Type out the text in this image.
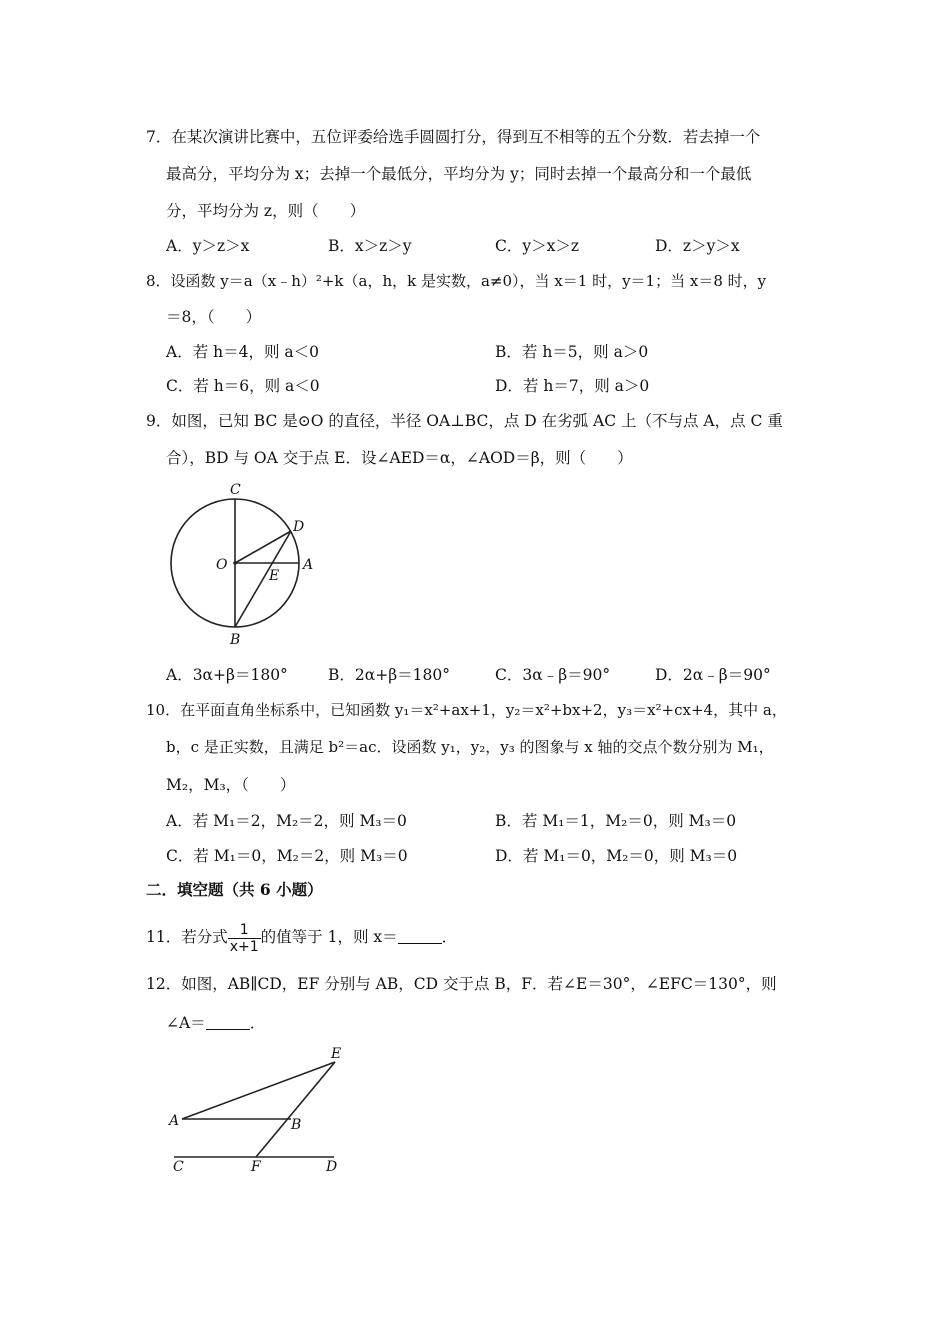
7．在某次演讲比赛中，五位评委给选手圆圆打分，得到互不相等的五个分数．若去掉一个
最高分，平均分为 x；去掉一个最低分，平均分为 y；同时去掉一个最高分和一个最低
分，平均分为 z，则（　　）
A．y＞z＞x	B．x＞z＞y	C．y＞x＞z	D．z＞y＞x
8．设函数 y＝a（x﹣h）²+k（a，h，k 是实数，a≠0），当 x＝1 时，y＝1；当 x＝8 时，y
＝8，（　　）
A．若 h＝4，则 a＜0	B．若 h＝5，则 a＞0
C．若 h＝6，则 a＜0	D．若 h＝7，则 a＞0
9．如图，已知 BC 是⊙O 的直径，半径 OA⊥BC，点 D 在劣弧 AC 上（不与点 A，点 C 重
合），BD 与 OA 交于点 E．设∠AED＝α，∠AOD＝β，则（　　）
C
D
O	A
E
B
A．3α+β＝180°	B．2α+β＝180°	C．3α﹣β＝90°	D．2α﹣β＝90°
10．在平面直角坐标系中，已知函数 y₁＝x²+ax+1，y₂＝x²+bx+2，y₃＝x²+cx+4，其中 a，
b，c 是正实数，且满足 b²＝ac．设函数 y₁，y₂，y₃ 的图象与 x 轴的交点个数分别为 M₁，
M₂，M₃，（　　）
A．若 M₁＝2，M₂＝2，则 M₃＝0	B．若 M₁＝1，M₂＝0，则 M₃＝0
C．若 M₁＝0，M₂＝2，则 M₃＝0	D．若 M₁＝0，M₂＝0，则 M₃＝0
二．填空题（共 6 小题）
11．若分式 $\frac{1}{x+1}$ 的值等于 1，则 x＝	．
12．如图，AB∥CD，EF 分别与 AB，CD 交于点 B，F．若∠E＝30°，∠EFC＝130°，则
∠A＝	．
E
A	B
C	F	D
